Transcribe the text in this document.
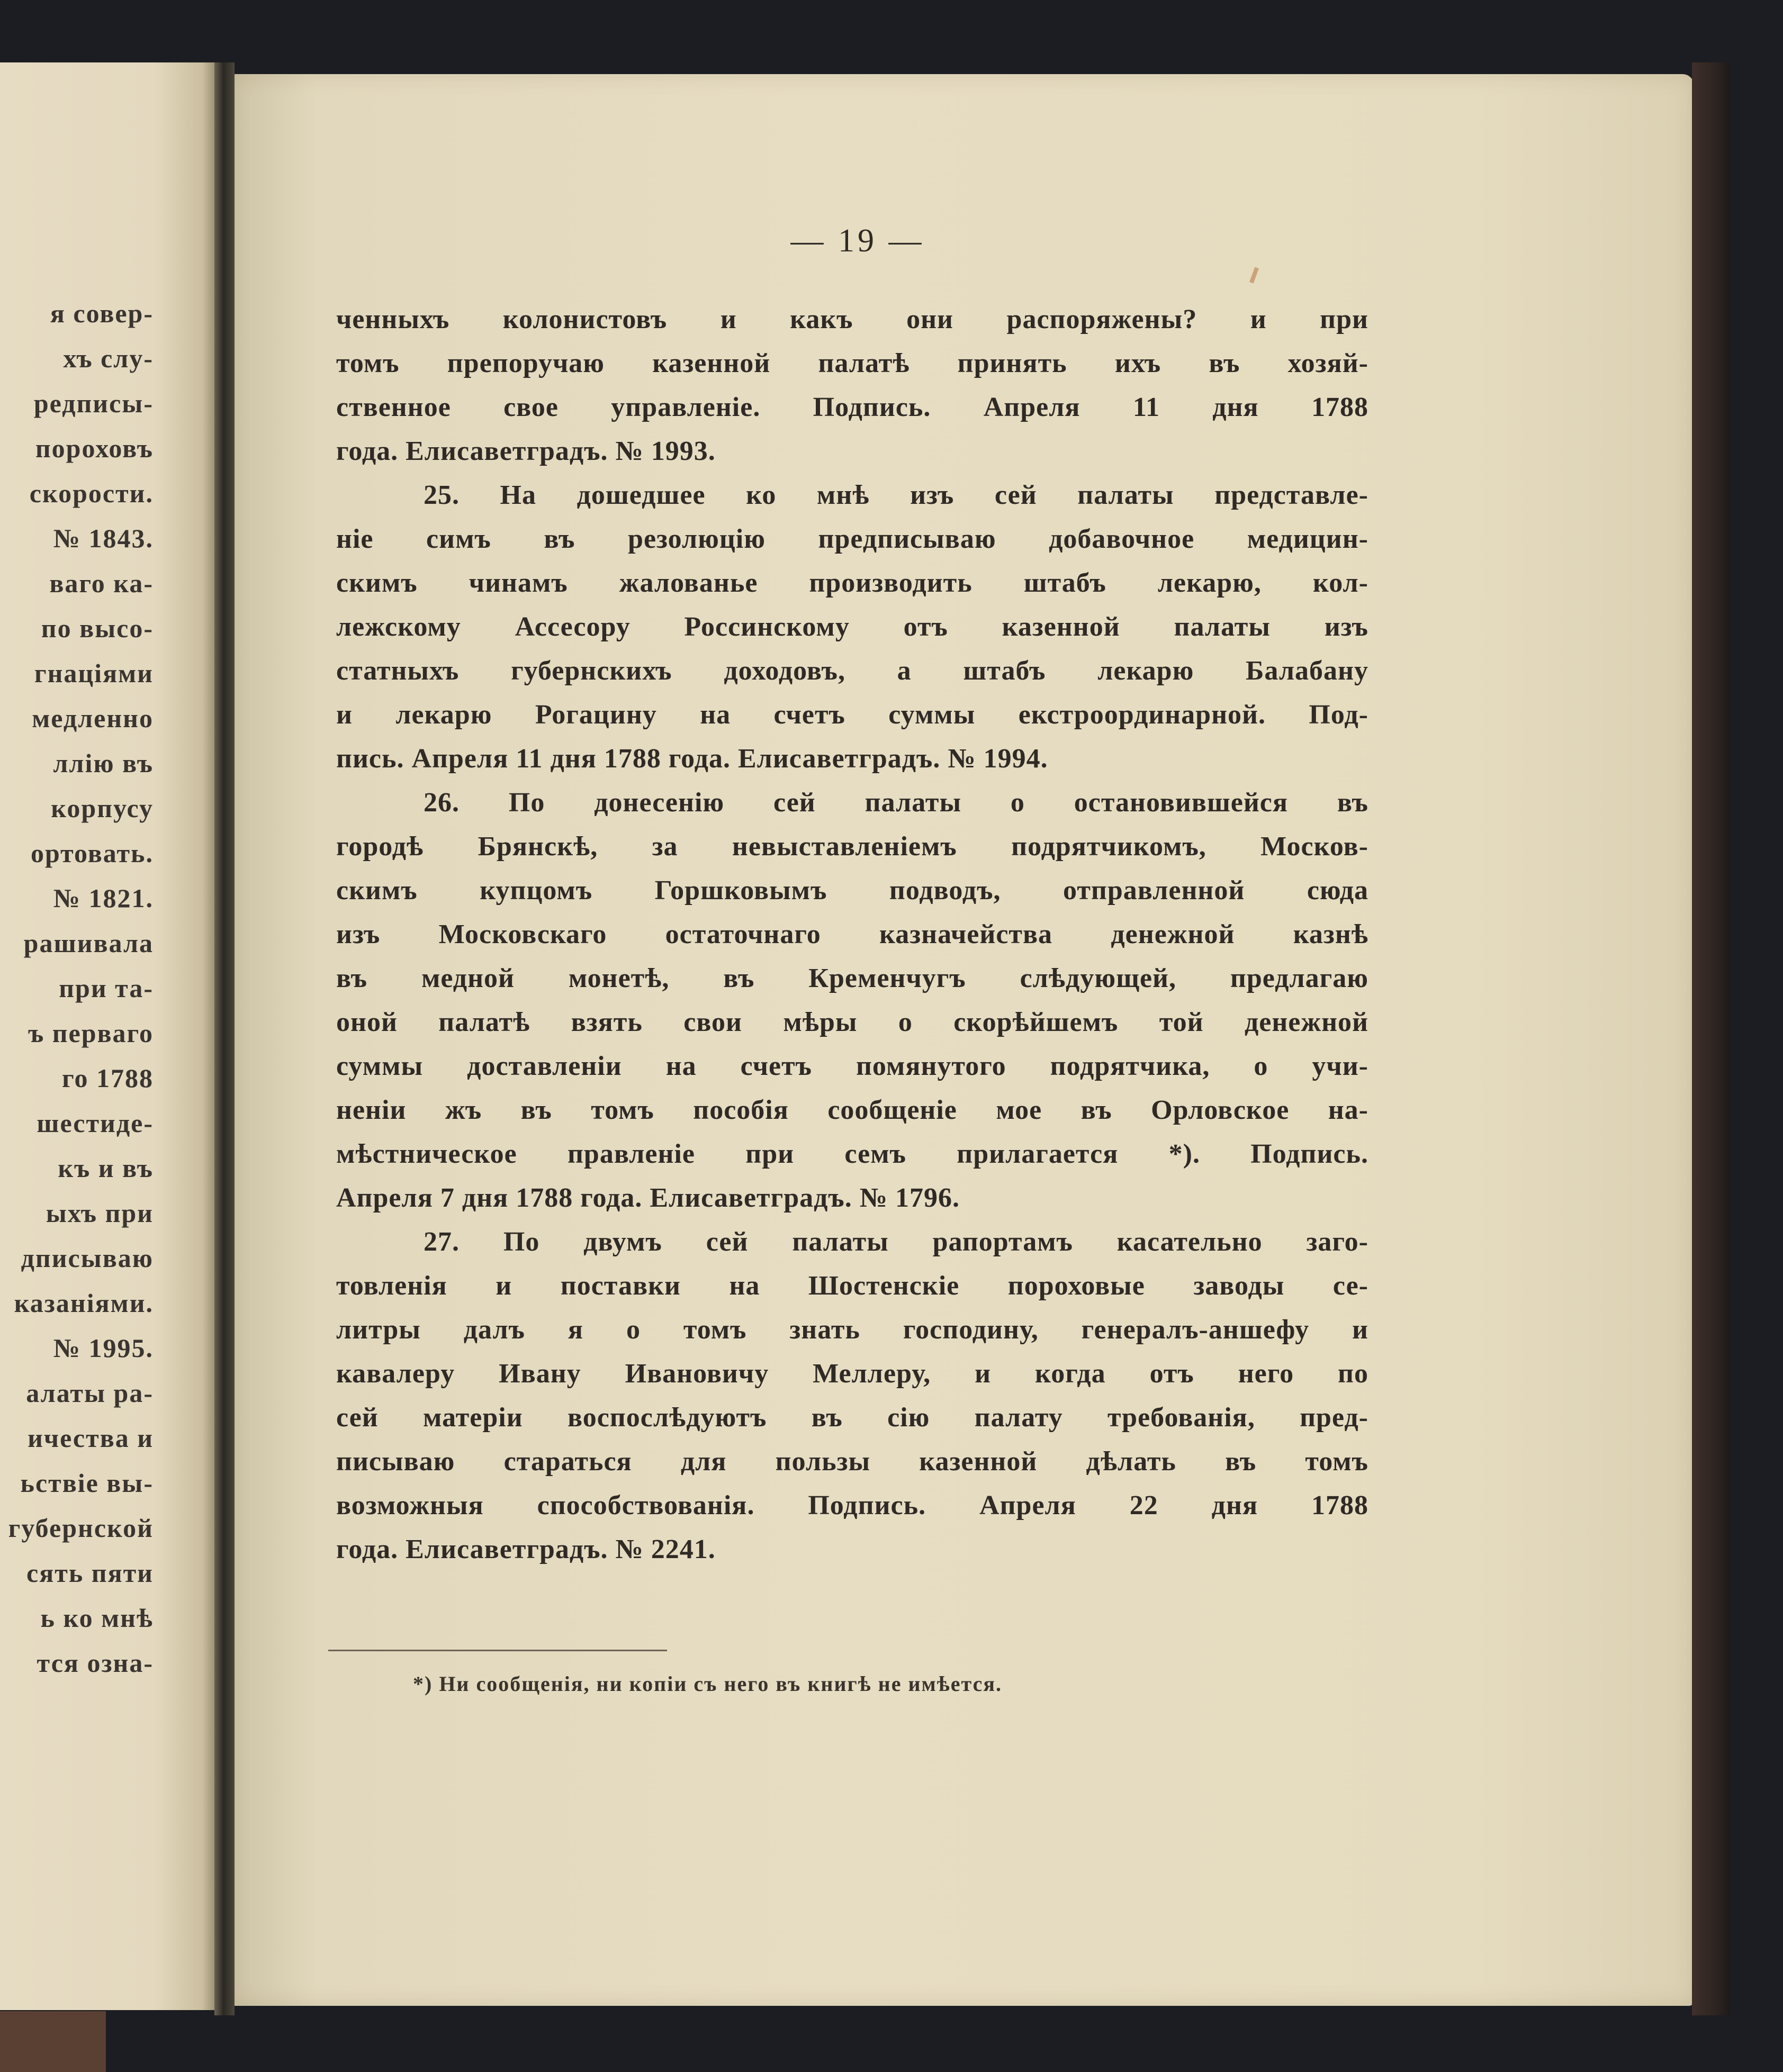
я совер-
хъ слу-
редписы-
пороховъ
скорости.
№ 1843.
ваго ка-
по высо-
гнаціями
медленно
ллію въ
корпусу
ортовать.
№ 1821.
рашивала
при та-
ъ перваго
го 1788
шестиде-
къ и въ
ыхъ при
дписываю
казаніями.
№ 1995.
алаты ра-
ичества и
ьствіе вы-
губернской
сять пяти
ь ко мнѣ
тся озна-
— 19 —
ченныхъ колонистовъ и какъ они распоряжены? и при
томъ препоручаю казенной палатѣ принять ихъ въ хозяй-
ственное свое управленіе. Подпись. Апреля 11 дня 1788
года. Елисаветградъ. № 1993.
25. На дошедшее ко мнѣ изъ сей палаты представле-
ніе симъ въ резолюцію предписываю добавочное медицин-
скимъ чинамъ жалованье производить штабъ лекарю, кол-
лежскому Ассесору Россинскому отъ казенной палаты изъ
статныхъ губернскихъ доходовъ, а штабъ лекарю Балабану
и лекарю Рогацину на счетъ суммы екстроординарной. Под-
пись. Апреля 11 дня 1788 года. Елисаветградъ. № 1994.
26. По донесенію сей палаты о остановившейся въ
городѣ Брянскѣ, за невыставленіемъ подрятчикомъ, Москов-
скимъ купцомъ Горшковымъ подводъ, отправленной сюда
изъ Московскаго остаточнаго казначейства денежной казнѣ
въ медной монетѣ, въ Кременчугъ слѣдующей, предлагаю
оной палатѣ взять свои мѣры о скорѣйшемъ той денежной
суммы доставленіи на счетъ помянутого подрятчика, о учи-
неніи жъ въ томъ пособія сообщеніе мое въ Орловское на-
мѣстническое правленіе при семъ прилагается *). Подпись.
Апреля 7 дня 1788 года. Елисаветградъ. № 1796.
27. По двумъ сей палаты рапортамъ касательно заго-
товленія и поставки на Шостенскіе пороховые заводы се-
литры далъ я о томъ знать господину, генералъ-аншефу и
кавалеру Ивану Ивановичу Меллеру, и когда отъ него по
сей матеріи воспослѣдуютъ въ сію палату требованія, пред-
писываю стараться для пользы казенной дѣлать въ томъ
возможныя способствованія. Подпись. Апреля 22 дня 1788
года. Елисаветградъ. № 2241.
*) Ни сообщенія, ни копіи съ него въ книгѣ не имѣется.
